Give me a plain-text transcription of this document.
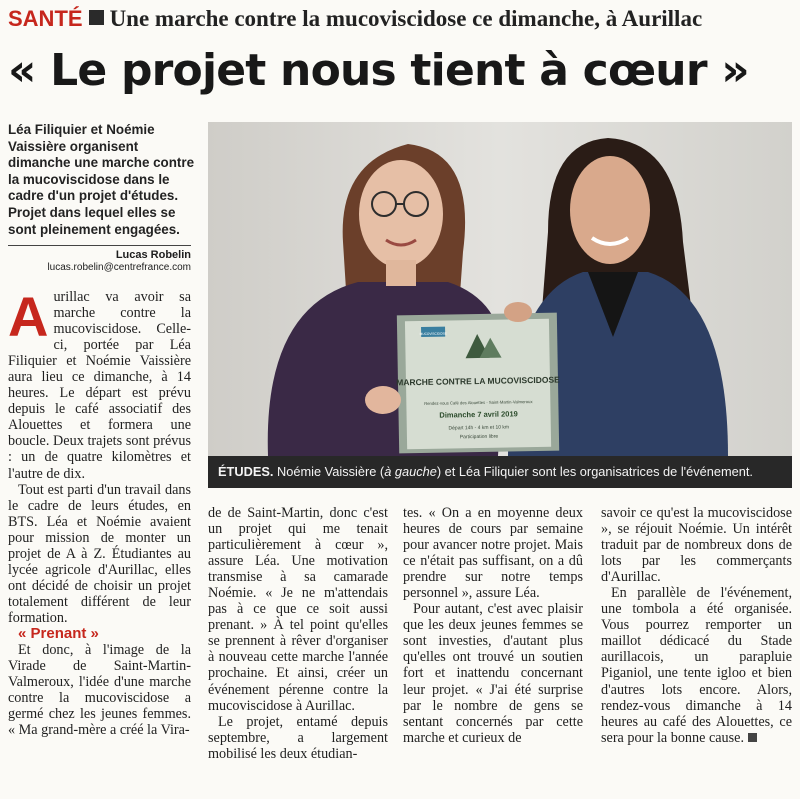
SANTÉ Une marche contre la mucoviscidose ce dimanche, à Aurillac
« Le projet nous tient à cœur »
Léa Filiquier et Noémie Vaissière organisent dimanche une marche contre la mucoviscidose dans le cadre d'un projet d'études. Projet dans lequel elles se sont pleinement engagées.
Lucas Robelin
lucas.robelin@centrefrance.com
MARCHE CONTRE LA MUCOVISCIDOSE
Rendez-vous Café des Alouettes - Saint-Martin-Valmeroux
Dimanche 7 avril 2019
Départ 14h - 4 km et 10 km
Participation libre
MUCOVISCIDOSE
ÉTUDES. Noémie Vaissière (à gauche) et Léa Filiquier sont les organisatrices de l'événement.

Aurillac va avoir sa marche contre la mucoviscidose. Celle-ci, portée par Léa Filiquier et Noémie Vaissière aura lieu ce dimanche, à 14 heures. Le départ est prévu depuis le café associatif des Alouettes et formera une boucle. Deux trajets sont prévus : un de quatre kilomètres et l'autre de dix.

Tout est parti d'un travail dans le cadre de leurs études, en BTS. Léa et Noémie avaient pour mission de monter un projet de A à Z. Étudiantes au lycée agricole d'Aurillac, elles ont décidé de choisir un projet totalement différent de leur formation.

« Prenant »

Et donc, à l'image de la Virade de Saint-Martin-Valmeroux, l'idée d'une marche contre la mucoviscidose a germé chez les jeunes femmes. « Ma grand-mère a créé la Vira-

de de Saint-Martin, donc c'est un projet qui me tenait particulièrement à cœur », assure Léa. Une motivation transmise à sa camarade Noémie. « Je ne m'attendais pas à ce que ce soit aussi prenant. » À tel point qu'elles se prennent à rêver d'organiser à nouveau cette marche l'année prochaine. Et ainsi, créer un événement pérenne contre la mucoviscidose à Aurillac.

Le projet, entamé depuis septembre, a largement mobilisé les deux étudian-

tes. « On a en moyenne deux heures de cours par semaine pour avancer notre projet. Mais ce n'était pas suffisant, on a dû prendre sur notre temps personnel », assure Léa.

Pour autant, c'est avec plaisir que les deux jeunes femmes se sont investies, d'autant plus qu'elles ont trouvé un soutien fort et inattendu concernant leur projet. « J'ai été surprise par le nombre de gens se sentant concernés par cette marche et curieux de

savoir ce qu'est la mucoviscidose », se réjouit Noémie. Un intérêt traduit par de nombreux dons de lots par les commerçants d'Aurillac.

En parallèle de l'événement, une tombola a été organisée. Vous pourrez remporter un maillot dédicacé du Stade aurillacois, un parapluie Piganiol, une tente igloo et bien d'autres lots encore. Alors, rendez-vous dimanche à 14 heures au café des Alouettes, ce sera pour la bonne cause.
